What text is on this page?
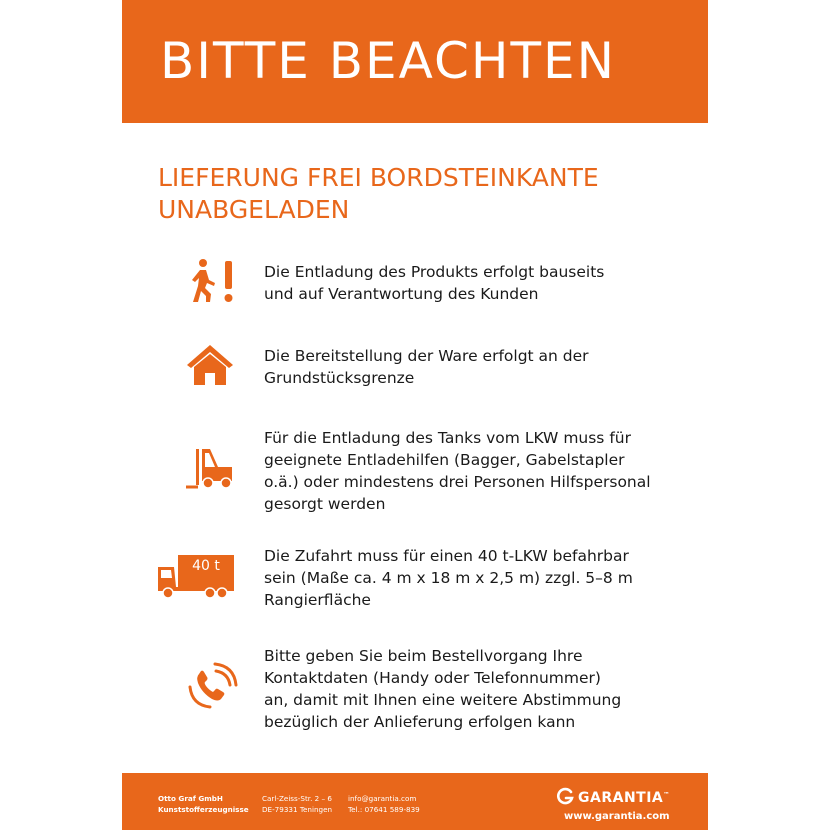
BITTE BEACHTEN
LIEFERUNG FREI BORDSTEINKANTE
UNABGELADEN
Die Entladung des Produkts erfolgt bauseits
und auf Verantwortung des Kunden
Die Bereitstellung der Ware erfolgt an der
Grundstücksgrenze
Für die Entladung des Tanks vom LKW muss für
geeignete Entladehilfen (Bagger, Gabelstapler
o.ä.) oder mindestens drei Personen Hilfspersonal
gesorgt werden
40 t
Die Zufahrt muss für einen 40 t-LKW befahrbar
sein (Maße ca. 4 m x 18 m x 2,5 m) zzgl. 5–8 m
Rangierfläche
Bitte geben Sie beim Bestellvorgang Ihre
Kontaktdaten (Handy oder Telefonnummer)
an, damit mit Ihnen eine weitere Abstimmung
bezüglich der Anlieferung erfolgen kann
Otto Graf GmbH
Kunststofferzeugnisse
Carl-Zeiss-Str. 2 – 6
DE-79331 Teningen
info@garantia.com
Tel.: 07641 589-839
GARANTIA™
www.garantia.com
